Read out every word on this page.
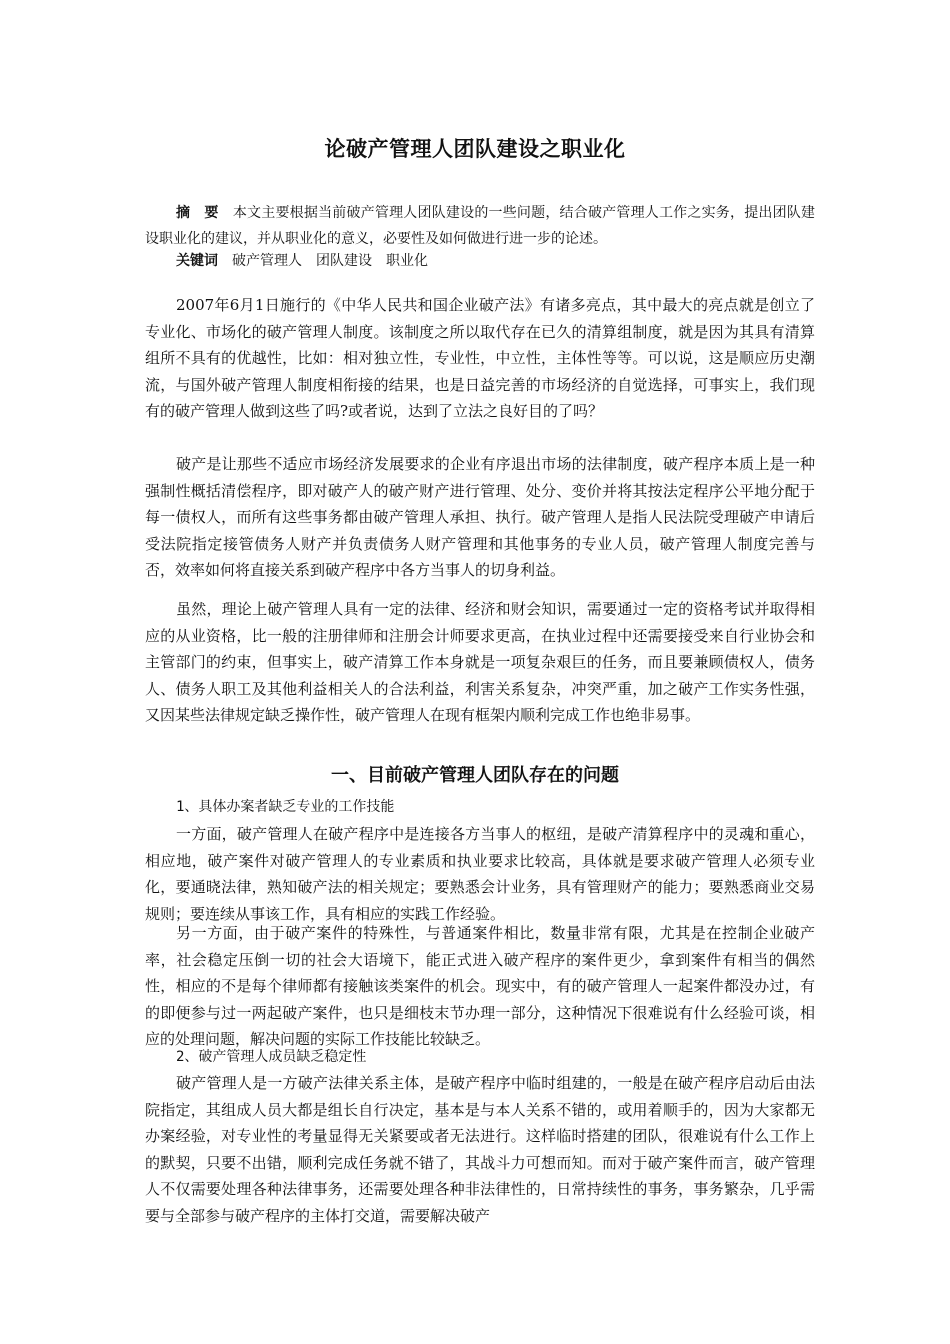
论破产管理人团队建设之职业化

摘　要　 本文主要根据当前破产管理人团队建设的一些问题，结合破产管理人工作之实务，提出团队建设职业化的建议，并从职业化的意义，必要性及如何做进行进一步的论述。

关键词　 破产管理人　团队建设　职业化

2007年6月1日施行的《中华人民共和国企业破产法》有诸多亮点，其中最大的亮点就是创立了专业化、市场化的破产管理人制度。该制度之所以取代存在已久的清算组制度，就是因为其具有清算组所不具有的优越性，比如：相对独立性，专业性，中立性，主体性等等。可以说，这是顺应历史潮流，与国外破产管理人制度相衔接的结果，也是日益完善的市场经济的自觉选择，可事实上，我们现有的破产管理人做到这些了吗?或者说，达到了立法之良好目的了吗？

破产是让那些不适应市场经济发展要求的企业有序退出市场的法律制度，破产程序本质上是一种强制性概括清偿程序，即对破产人的破产财产进行管理、处分、变价并将其按法定程序公平地分配于每一债权人，而所有这些事务都由破产管理人承担、执行。破产管理人是指人民法院受理破产申请后受法院指定接管债务人财产并负责债务人财产管理和其他事务的专业人员，破产管理人制度完善与否，效率如何将直接关系到破产程序中各方当事人的切身利益。

虽然，理论上破产管理人具有一定的法律、经济和财会知识，需要通过一定的资格考试并取得相应的从业资格，比一般的注册律师和注册会计师要求更高，在执业过程中还需要接受来自行业协会和主管部门的约束，但事实上，破产清算工作本身就是一项复杂艰巨的任务，而且要兼顾债权人，债务人、债务人职工及其他利益相关人的合法利益，利害关系复杂，冲突严重，加之破产工作实务性强，又因某些法律规定缺乏操作性，破产管理人在现有框架内顺利完成工作也绝非易事。

一、目前破产管理人团队存在的问题

1、具体办案者缺乏专业的工作技能

一方面，破产管理人在破产程序中是连接各方当事人的枢纽，是破产清算程序中的灵魂和重心，相应地，破产案件对破产管理人的专业素质和执业要求比较高，具体就是要求破产管理人必须专业化，要通晓法律，熟知破产法的相关规定；要熟悉会计业务，具有管理财产的能力；要熟悉商业交易规则；要连续从事该工作，具有相应的实践工作经验。

另一方面，由于破产案件的特殊性，与普通案件相比，数量非常有限，尤其是在控制企业破产率，社会稳定压倒一切的社会大语境下，能正式进入破产程序的案件更少，拿到案件有相当的偶然性，相应的不是每个律师都有接触该类案件的机会。现实中，有的破产管理人一起案件都没办过，有的即便参与过一两起破产案件，也只是细枝末节办理一部分，这种情况下很难说有什么经验可谈，相应的处理问题，解决问题的实际工作技能比较缺乏。

2、破产管理人成员缺乏稳定性

破产管理人是一方破产法律关系主体，是破产程序中临时组建的，一般是在破产程序启动后由法院指定，其组成人员大都是组长自行决定，基本是与本人关系不错的，或用着顺手的，因为大家都无办案经验，对专业性的考量显得无关紧要或者无法进行。这样临时搭建的团队，很难说有什么工作上的默契，只要不出错，顺利完成任务就不错了，其战斗力可想而知。而对于破产案件而言，破产管理人不仅需要处理各种法律事务，还需要处理各种非法律性的，日常持续性的事务，事务繁杂，几乎需要与全部参与破产程序的主体打交道，需要解决破产
